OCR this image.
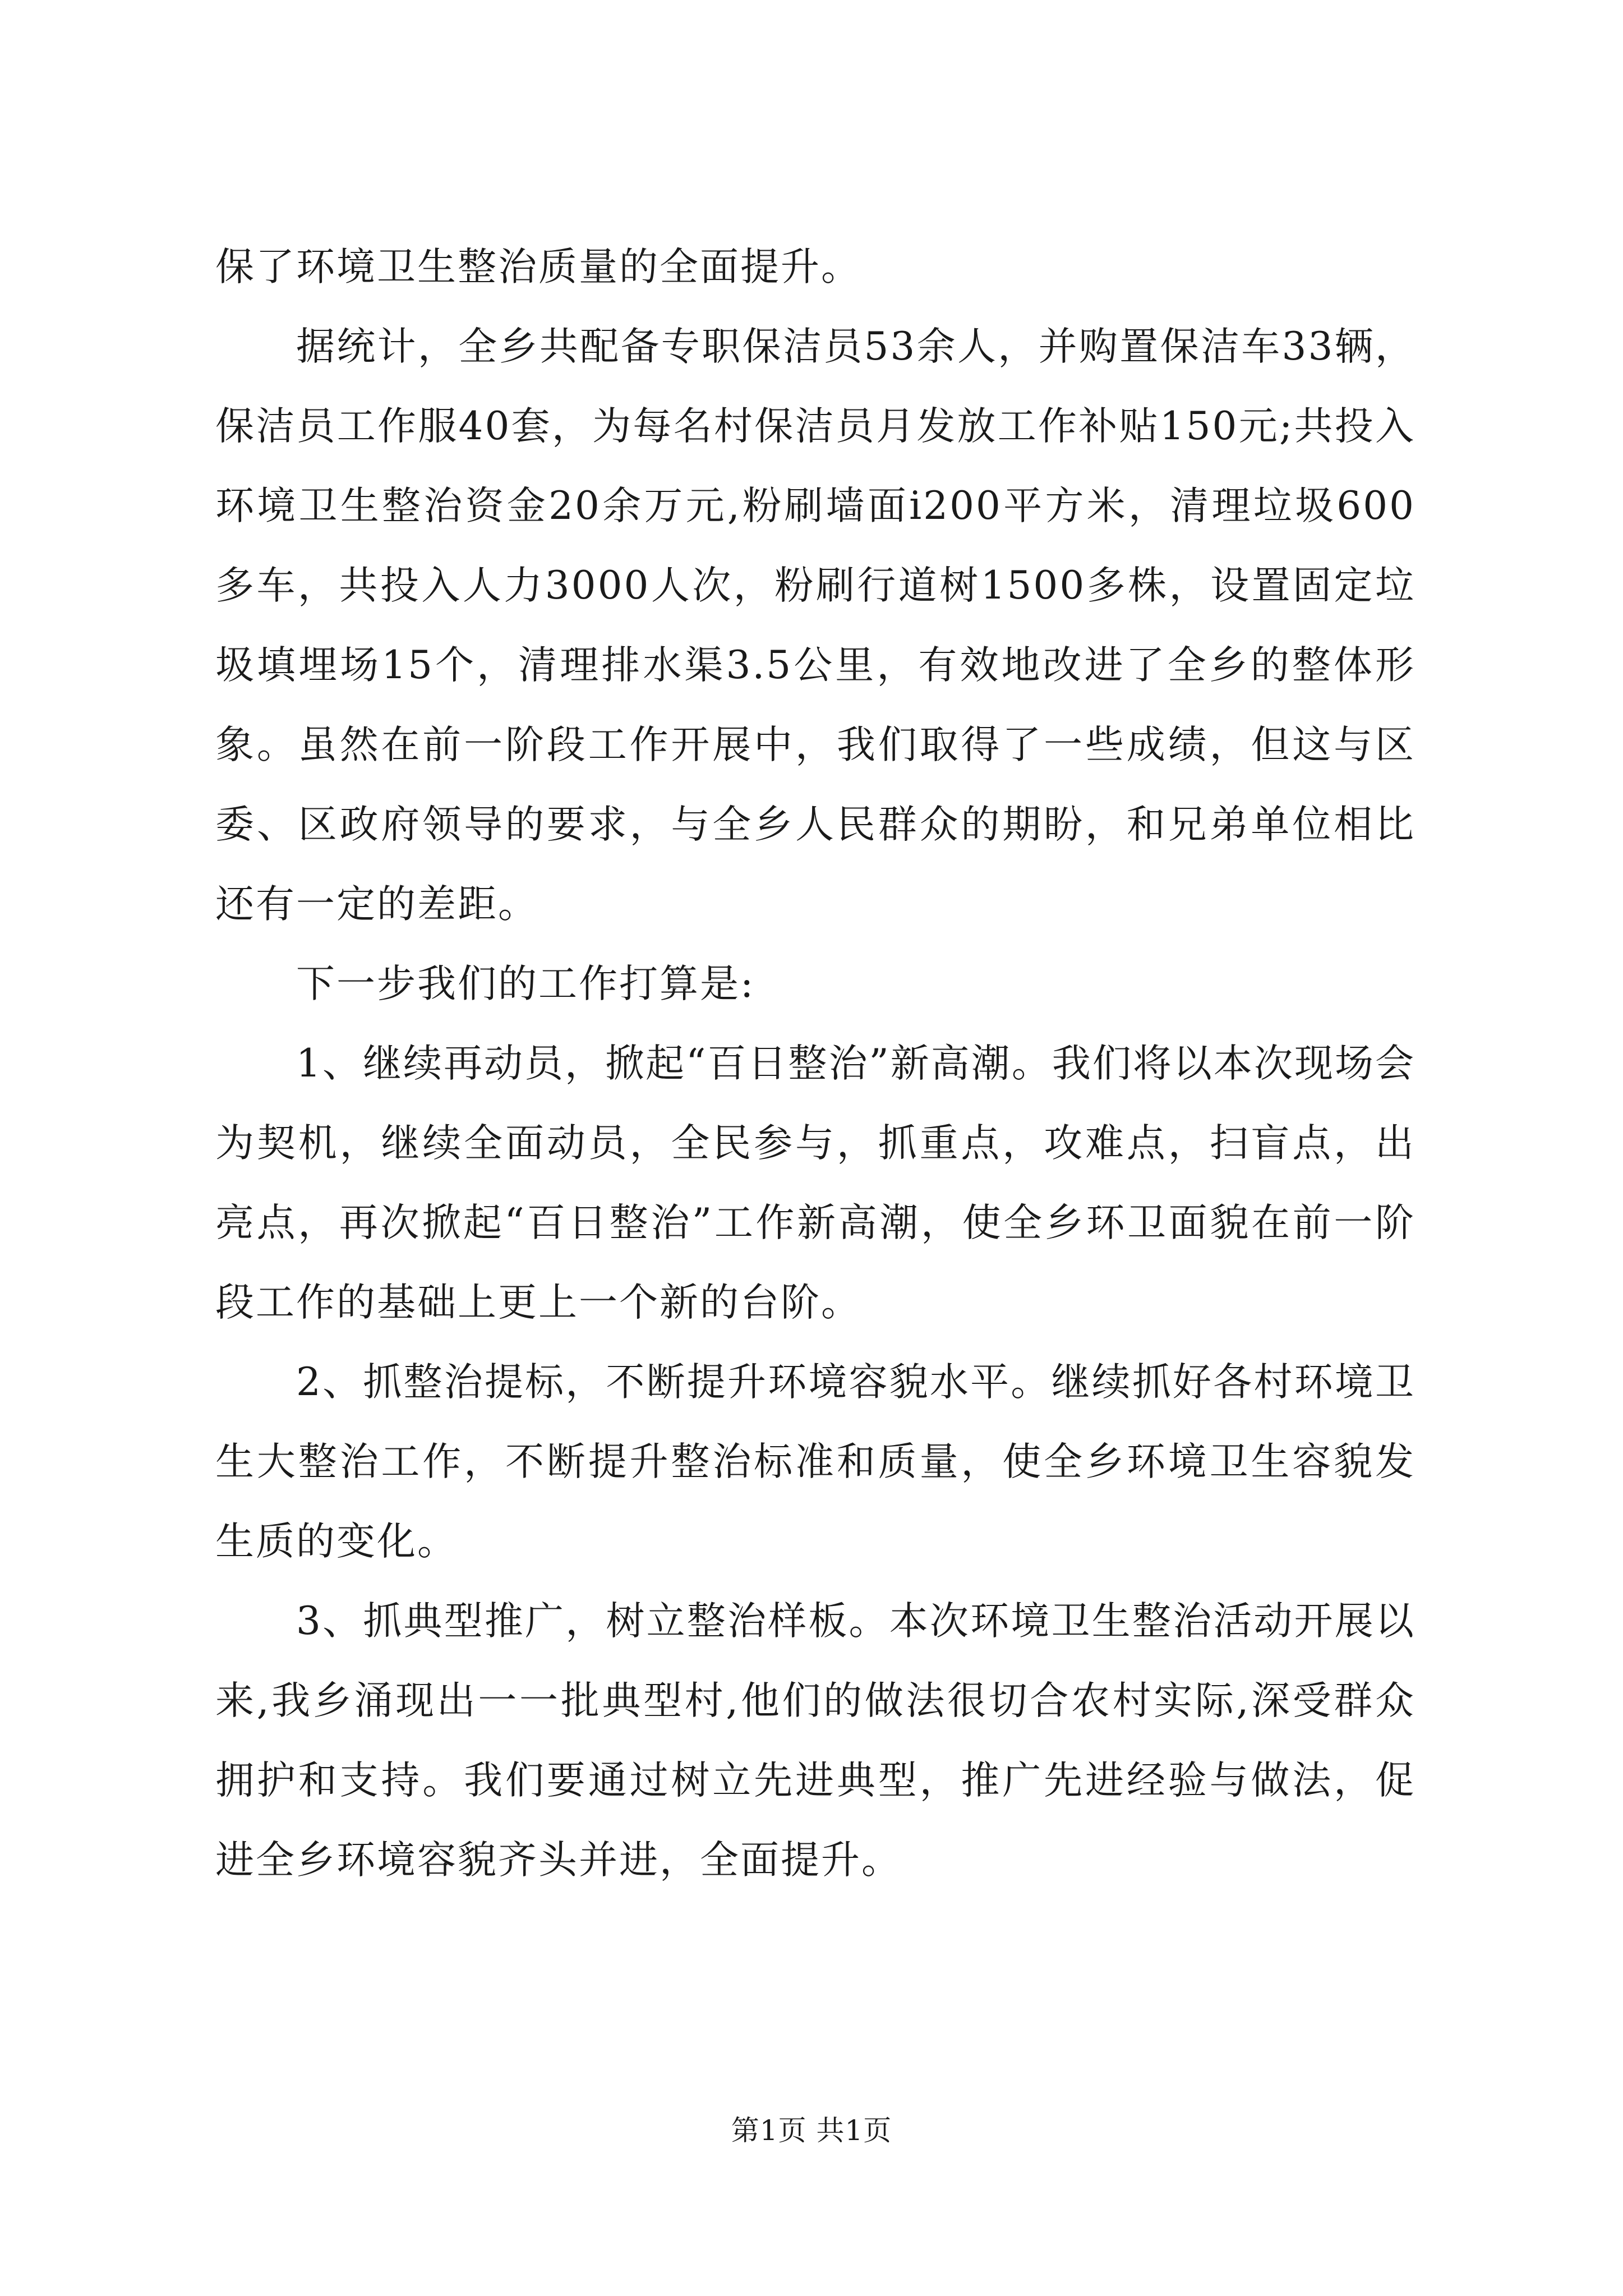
保了环境卫生整治质量的全面提升。

据统计，全乡共配备专职保洁员53余人，并购置保洁车33辆，保洁员工作服40套，为每名村保洁员月发放工作补贴150元;共投入环境卫生整治资金20余万元,粉刷墙面i200平方米，清理垃圾600多车，共投入人力3000人次，粉刷行道树1500多株，设置固定垃圾填埋场15个，清理排水渠3.5公里，有效地改进了全乡的整体形象。虽然在前一阶段工作开展中，我们取得了一些成绩，但这与区委、区政府领导的要求，与全乡人民群众的期盼，和兄弟单位相比还有一定的差距。

下一步我们的工作打算是:

1、继续再动员，掀起“百日整治”新高潮。我们将以本次现场会为契机，继续全面动员，全民参与，抓重点，攻难点，扫盲点，出亮点，再次掀起“百日整治”工作新高潮，使全乡环卫面貌在前一阶段工作的基础上更上一个新的台阶。

2、抓整治提标，不断提升环境容貌水平。继续抓好各村环境卫生大整治工作，不断提升整治标准和质量，使全乡环境卫生容貌发生质的变化。

3、抓典型推广，树立整治样板。本次环境卫生整治活动开展以来,我乡涌现出一一批典型村,他们的做法很切合农村实际,深受群众拥护和支持。我们要通过树立先进典型，推广先进经验与做法，促进全乡环境容貌齐头并进，全面提升。

第1页 共1页
